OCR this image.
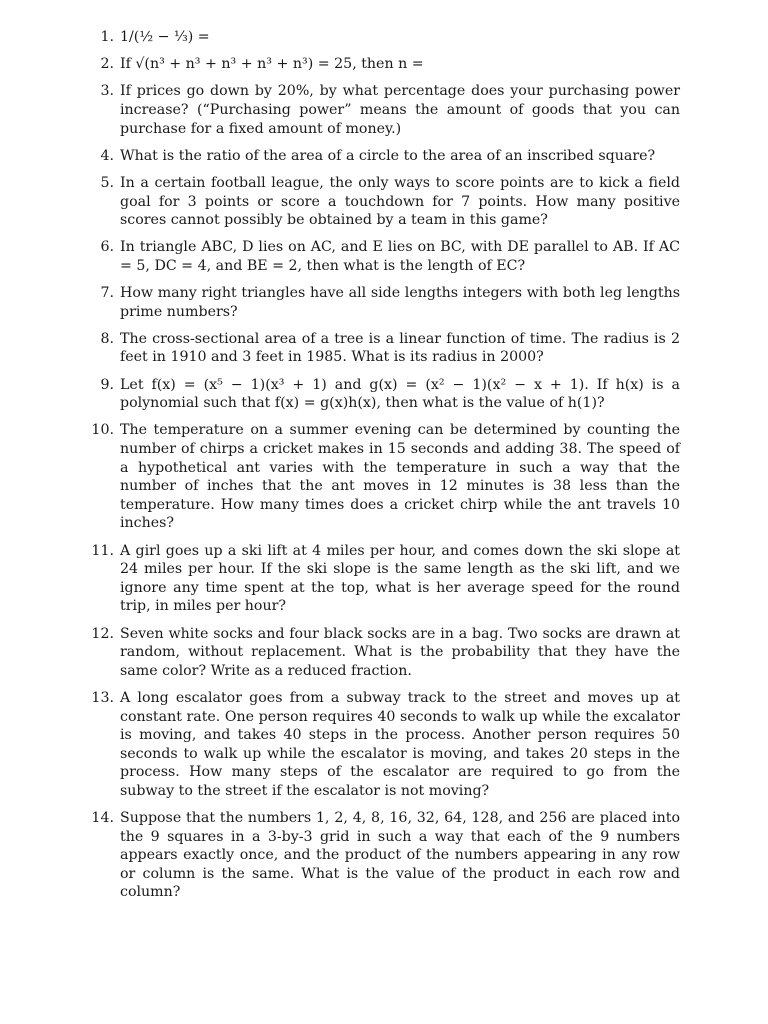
1. 1/(½ − ⅓) =
2. If √(n³ + n³ + n³ + n³ + n³) = 25, then n =
3. If prices go down by 20%, by what percentage does your purchasing power increase? (“Purchasing power” means the amount of goods that you can purchase for a fixed amount of money.)
4. What is the ratio of the area of a circle to the area of an inscribed square?
5. In a certain football league, the only ways to score points are to kick a field goal for 3 points or score a touchdown for 7 points. How many positive scores cannot possibly be obtained by a team in this game?
6. In triangle ABC, D lies on AC, and E lies on BC, with DE parallel to AB. If AC = 5, DC = 4, and BE = 2, then what is the length of EC?
7. How many right triangles have all side lengths integers with both leg lengths prime numbers?
8. The cross-sectional area of a tree is a linear function of time. The radius is 2 feet in 1910 and 3 feet in 1985. What is its radius in 2000?
9. Let f(x) = (x⁵ − 1)(x³ + 1) and g(x) = (x² − 1)(x² − x + 1). If h(x) is a polynomial such that f(x) = g(x)h(x), then what is the value of h(1)?
10. The temperature on a summer evening can be determined by counting the number of chirps a cricket makes in 15 seconds and adding 38. The speed of a hypothetical ant varies with the temperature in such a way that the number of inches that the ant moves in 12 minutes is 38 less than the temperature. How many times does a cricket chirp while the ant travels 10 inches?
11. A girl goes up a ski lift at 4 miles per hour, and comes down the ski slope at 24 miles per hour. If the ski slope is the same length as the ski lift, and we ignore any time spent at the top, what is her average speed for the round trip, in miles per hour?
12. Seven white socks and four black socks are in a bag. Two socks are drawn at random, without replacement. What is the probability that they have the same color? Write as a reduced fraction.
13. A long escalator goes from a subway track to the street and moves up at constant rate. One person requires 40 seconds to walk up while the excalator is moving, and takes 40 steps in the process. Another person requires 50 seconds to walk up while the escalator is moving, and takes 20 steps in the process. How many steps of the escalator are required to go from the subway to the street if the escalator is not moving?
14. Suppose that the numbers 1, 2, 4, 8, 16, 32, 64, 128, and 256 are placed into the 9 squares in a 3-by-3 grid in such a way that each of the 9 numbers appears exactly once, and the product of the numbers appearing in any row or column is the same. What is the value of the product in each row and column?
